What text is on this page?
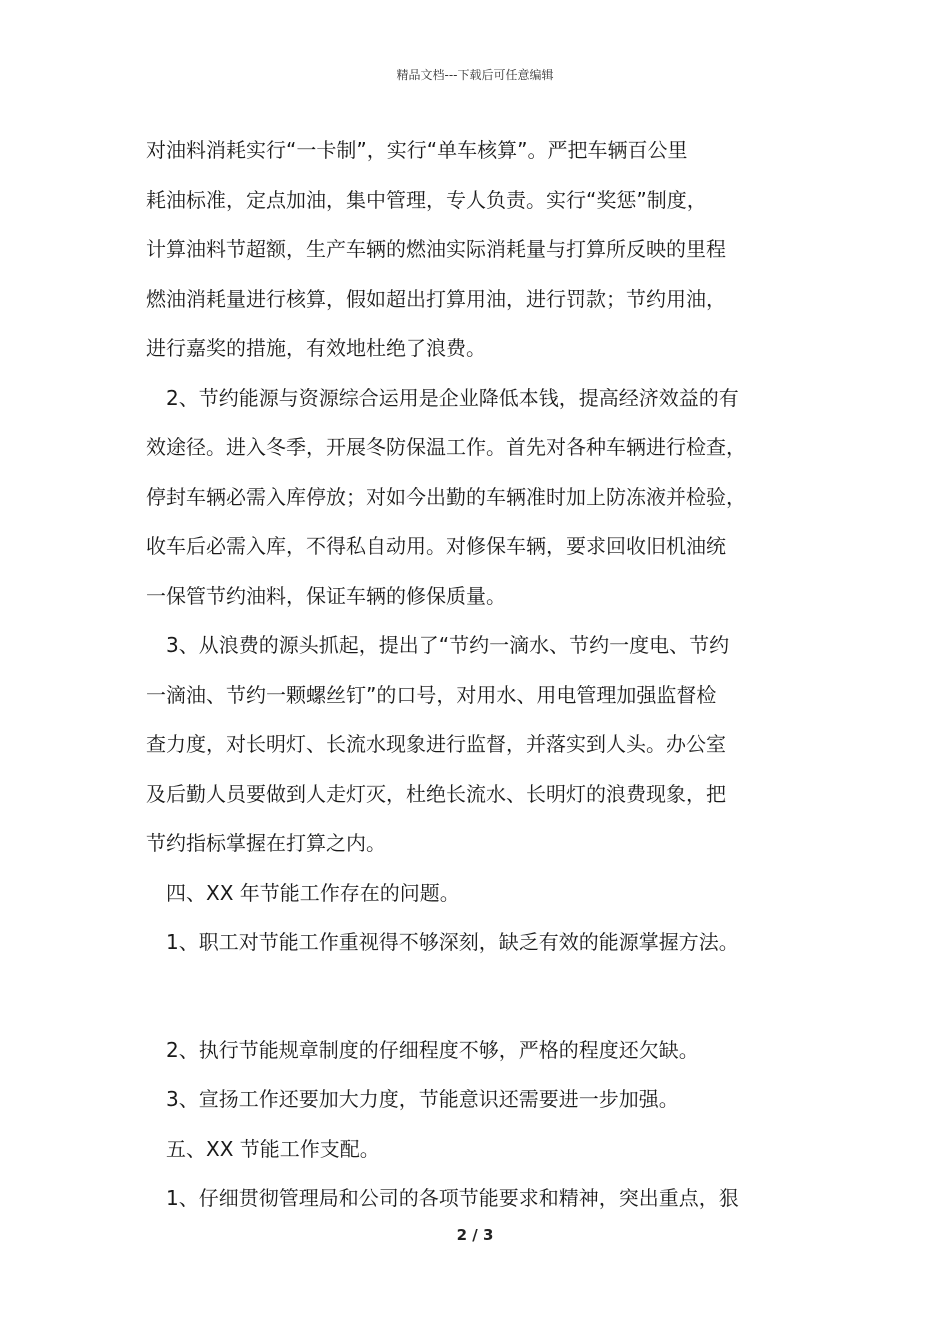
精品文档---下载后可任意编辑
对油料消耗实行“一卡制”，实行“单车核算”。严把车辆百公里
耗油标准，定点加油，集中管理，专人负责。实行“奖惩”制度，
计算油料节超额，生产车辆的燃油实际消耗量与打算所反映的里程
燃油消耗量进行核算，假如超出打算用油，进行罚款；节约用油，
进行嘉奖的措施，有效地杜绝了浪费。
2、节约能源与资源综合运用是企业降低本钱，提高经济效益的有
效途径。进入冬季，开展冬防保温工作。首先对各种车辆进行检查，
停封车辆必需入库停放；对如今出勤的车辆准时加上防冻液并检验，
收车后必需入库，不得私自动用。对修保车辆，要求回收旧机油统
一保管节约油料，保证车辆的修保质量。
3、从浪费的源头抓起，提出了“节约一滴水、节约一度电、节约
一滴油、节约一颗螺丝钉”的口号，对用水、用电管理加强监督检
查力度，对长明灯、长流水现象进行监督，并落实到人头。办公室
及后勤人员要做到人走灯灭，杜绝长流水、长明灯的浪费现象，把
节约指标掌握在打算之内。
四、XX 年节能工作存在的问题。
1、职工对节能工作重视得不够深刻，缺乏有效的能源掌握方法。
2、执行节能规章制度的仔细程度不够，严格的程度还欠缺。
3、宣扬工作还要加大力度，节能意识还需要进一步加强。
五、XX 节能工作支配。
1、仔细贯彻管理局和公司的各项节能要求和精神，突出重点，狠
2 / 3
